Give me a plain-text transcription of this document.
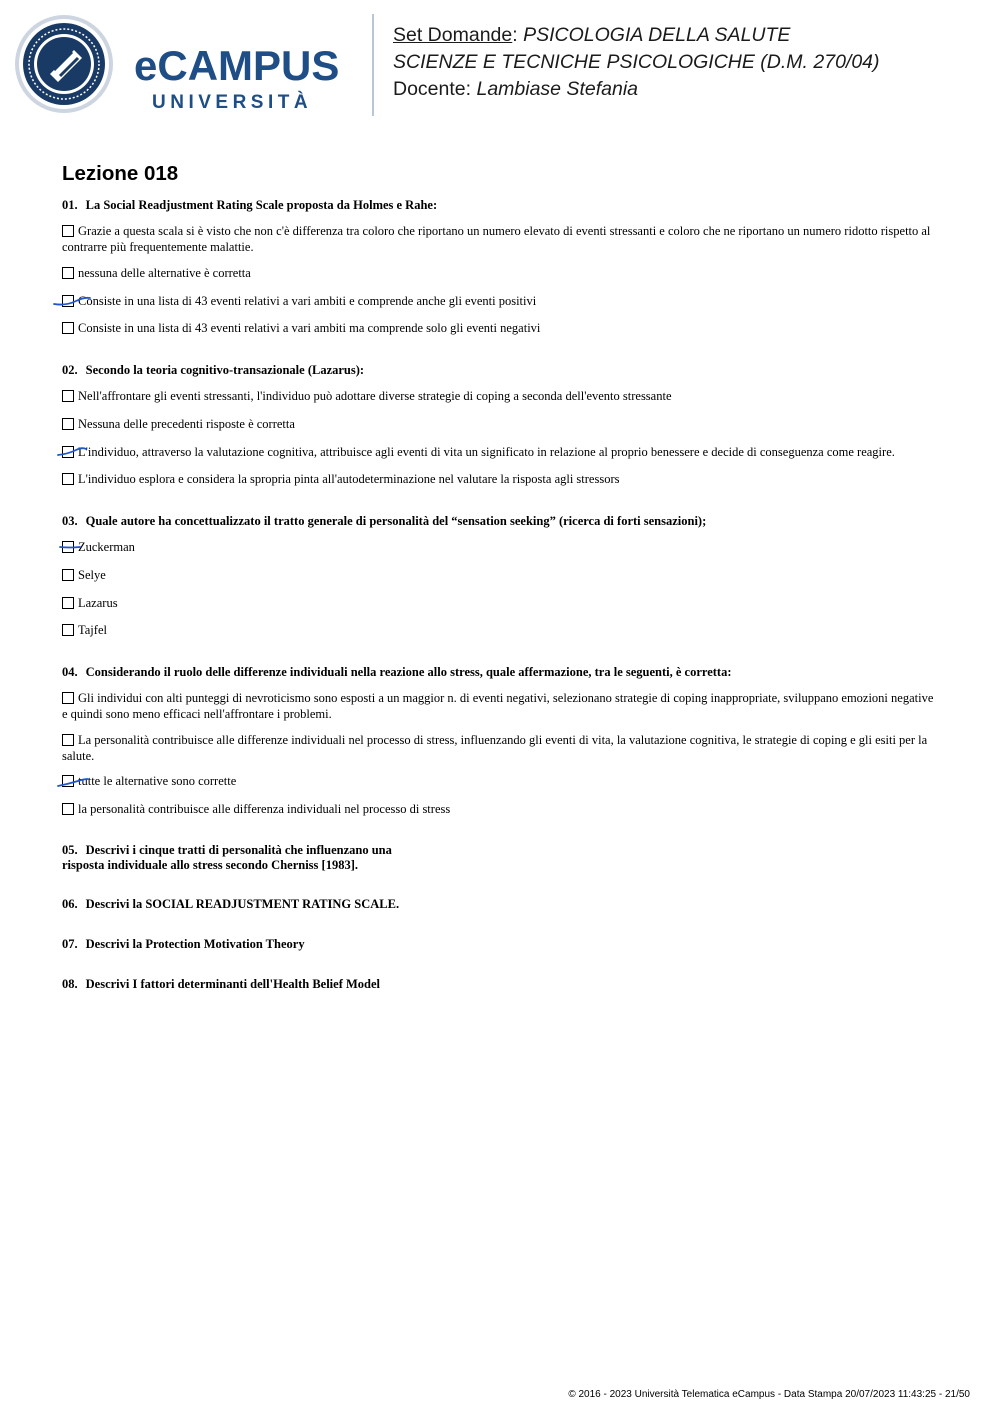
eCAMPUS
UNIVERSITÀ
Set Domande: PSICOLOGIA DELLA SALUTE
SCIENZE E TECNICHE PSICOLOGICHE (D.M. 270/04)
Docente: Lambiase Stefania
Lezione 018
01. La Social Readjustment Rating Scale proposta da Holmes e Rahe:
Grazie a questa scala si è visto che non c'è differenza tra coloro che riportano un numero elevato di eventi stressanti e coloro che ne riportano un numero ridotto rispetto al contrarre più frequentemente malattie.
nessuna delle alternative è corretta
Consiste in una lista di 43 eventi relativi a vari ambiti e comprende anche gli eventi positivi
Consiste in una lista di 43 eventi relativi a vari ambiti ma comprende solo gli eventi negativi
02. Secondo la teoria cognitivo-transazionale (Lazarus):
Nell'affrontare gli eventi stressanti, l'individuo può adottare diverse strategie di coping a seconda dell'evento stressante
Nessuna delle precedenti risposte è corretta
L'individuo, attraverso la valutazione cognitiva, attribuisce agli eventi di vita un significato in relazione al proprio benessere e decide di conseguenza come reagire.
L'individuo esplora e considera la spropria pinta all'autodeterminazione nel valutare la risposta agli stressors
03. Quale autore ha concettualizzato il tratto generale di personalità del “sensation seeking” (ricerca di forti sensazioni);
Zuckerman
Selye
Lazarus
Tajfel
04. Considerando il ruolo delle differenze individuali nella reazione allo stress, quale affermazione, tra le seguenti, è corretta:
Gli individui con alti punteggi di nevroticismo sono esposti a un maggior n. di eventi negativi, selezionano strategie di coping inappropriate, sviluppano emozioni negative e quindi sono meno efficaci nell'affrontare i problemi.
La personalità contribuisce alle differenze individuali nel processo di stress, influenzando gli eventi di vita, la valutazione cognitiva, le strategie di coping e gli esiti per la salute.
tutte le alternative sono corrette
la personalità contribuisce alle differenza individuali nel processo di stress
05. Descrivi i cinque tratti di personalità che influenzano una
risposta individuale allo stress secondo Cherniss [1983].
06. Descrivi la SOCIAL READJUSTMENT RATING SCALE.
07. Descrivi la Protection Motivation Theory
08. Descrivi I fattori determinanti dell'Health Belief Model
© 2016 - 2023 Università Telematica eCampus - Data Stampa 20/07/2023 11:43:25 - 21/50
